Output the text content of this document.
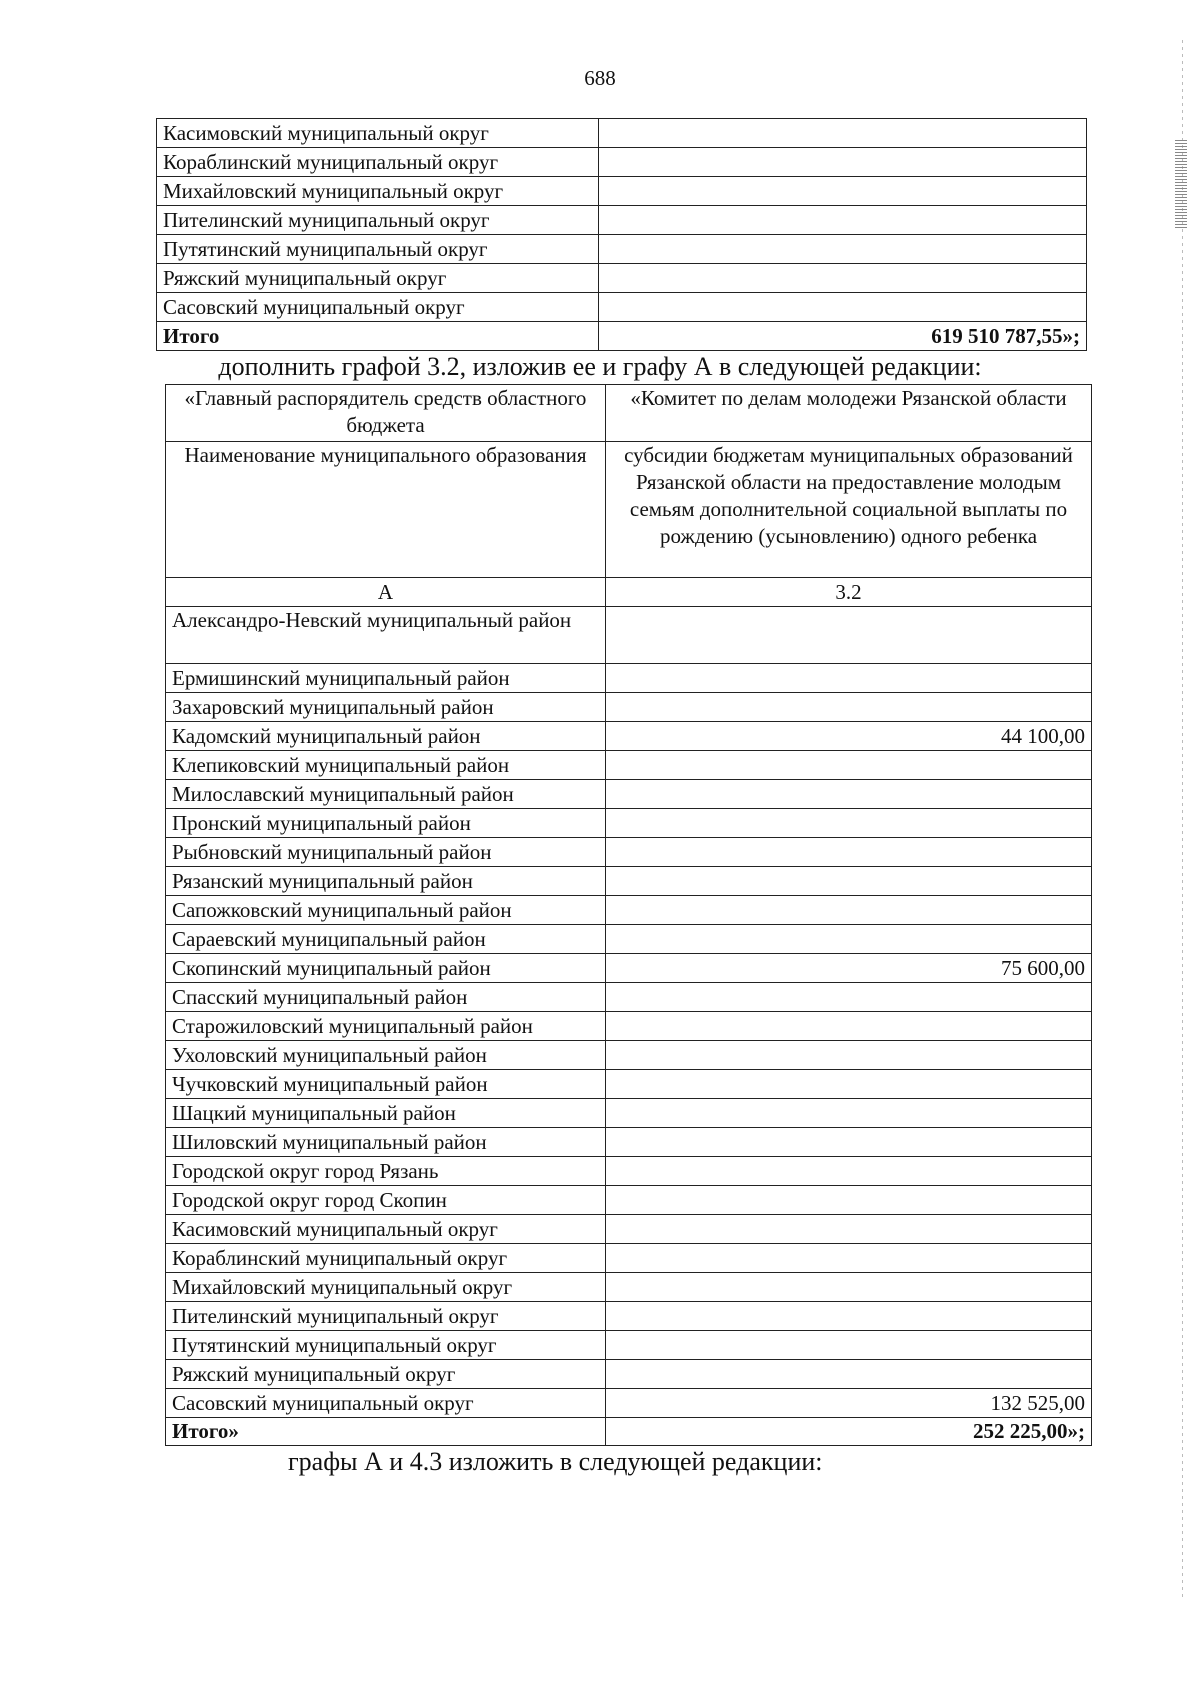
688
Касимовский муниципальный округ	
Кораблинский муниципальный округ	
Михайловский муниципальный округ	
Пителинский муниципальный округ	
Путятинский муниципальный округ	
Ряжский муниципальный округ	
Сасовский муниципальный округ	
Итого	619 510 787,55»;
дополнить графой 3.2, изложив ее и графу А в следующей редакции:
«Главный распорядитель средств областного бюджета	«Комитет по делам молодежи Рязанской области
Наименование муниципального образования	субсидии бюджетам муниципальных образований Рязанской области на предоставление молодым семьям дополнительной социальной выплаты по рождению (усыновлению) одного ребенка
А	3.2
Александро-Невский муниципальный район	
Ермишинский муниципальный район	
Захаровский муниципальный район	
Кадомский муниципальный район	44 100,00
Клепиковский муниципальный район	
Милославский муниципальный район	
Пронский муниципальный район	
Рыбновский муниципальный район	
Рязанский муниципальный район	
Сапожковский муниципальный район	
Сараевский муниципальный район	
Скопинский муниципальный район	75 600,00
Спасский муниципальный район	
Старожиловский муниципальный район	
Ухоловский муниципальный район	
Чучковский муниципальный район	
Шацкий муниципальный район	
Шиловский муниципальный район	
Городской округ город Рязань	
Городской округ город Скопин	
Касимовский муниципальный округ	
Кораблинский муниципальный округ	
Михайловский муниципальный округ	
Пителинский муниципальный округ	
Путятинский муниципальный округ	
Ряжский муниципальный округ	
Сасовский муниципальный округ	132 525,00
Итого»	252 225,00»;
графы А и 4.3 изложить в следующей редакции:
